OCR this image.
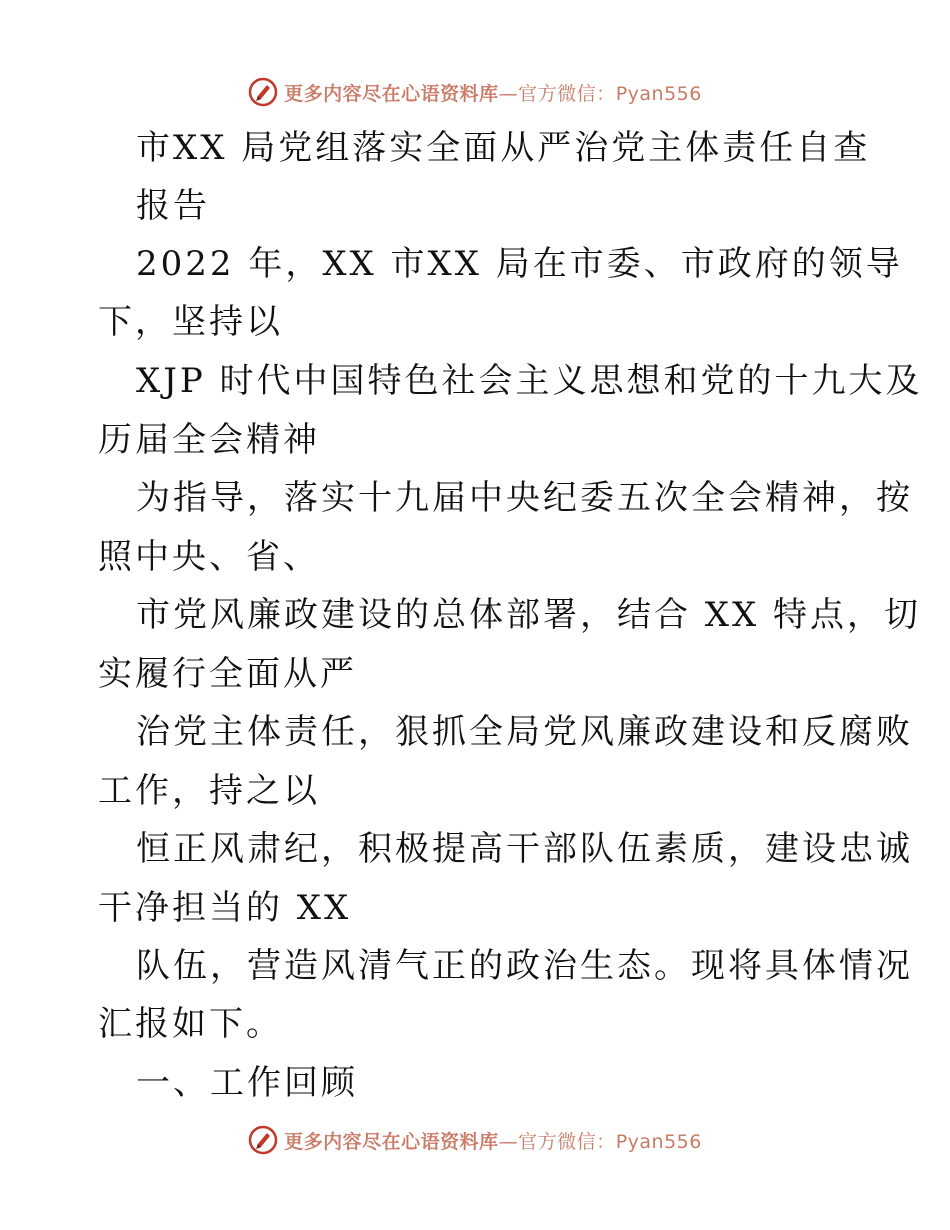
更多内容尽在心语资料库—官方微信：Pyan556
市XX 局党组落实全面从严治党主体责任自查
报告
2022 年，XX 市XX 局在市委、市政府的领导
下，坚持以
XJP 时代中国特色社会主义思想和党的十九大及
历届全会精神
为指导，落实十九届中央纪委五次全会精神，按
照中央、省、
市党风廉政建设的总体部署，结合 XX 特点，切
实履行全面从严
治党主体责任，狠抓全局党风廉政建设和反腐败
工作，持之以
恒正风肃纪，积极提高干部队伍素质，建设忠诚
干净担当的 XX
队伍，营造风清气正的政治生态。现将具体情况
汇报如下。
一、工作回顾
更多内容尽在心语资料库—官方微信：Pyan556
